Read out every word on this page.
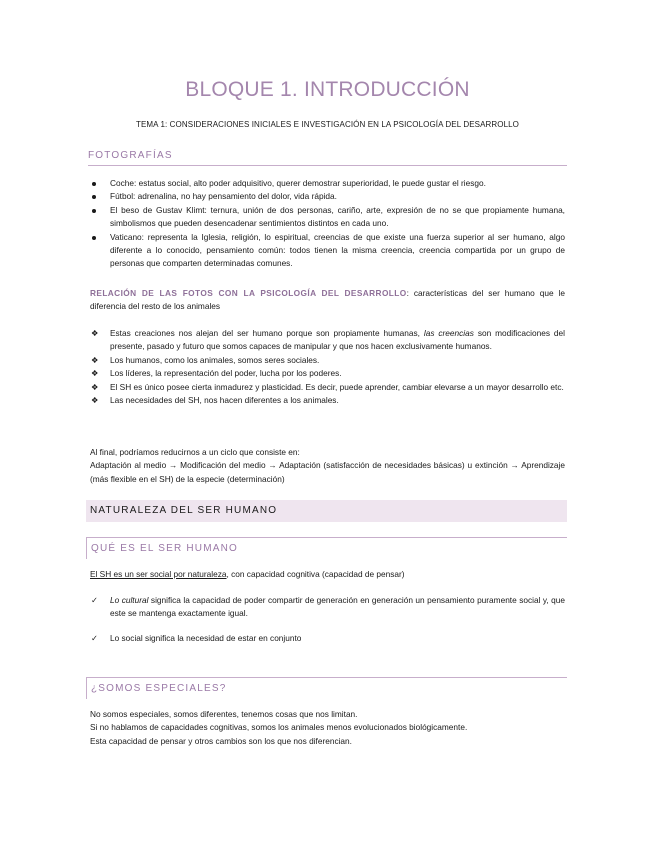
BLOQUE 1. INTRODUCCIÓN
TEMA 1: CONSIDERACIONES INICIALES E INVESTIGACIÓN EN LA PSICOLOGÍA DEL DESARROLLO
FOTOGRAFÍAS
Coche: estatus social, alto poder adquisitivo, querer demostrar superioridad, le puede gustar el riesgo.
Fútbol: adrenalina, no hay pensamiento del dolor, vida rápida.
El beso de Gustav Klimt: ternura, unión de dos personas, cariño, arte, expresión de no se que propiamente humana, simbolismos que pueden desencadenar sentimientos distintos en cada uno.
Vaticano: representa la Iglesia, religión, lo espiritual, creencias de que existe una fuerza superior al ser humano, algo diferente a lo conocido, pensamiento común: todos tienen la misma creencia, creencia compartida por un grupo de personas que comparten determinadas comunes.

RELACIÓN DE LAS FOTOS CON LA PSICOLOGÍA DEL DESARROLLO: características del ser humano que le diferencia del resto de los animales

❖ Estas creaciones nos alejan del ser humano porque son propiamente humanas, las creencias son modificaciones del presente, pasado y futuro que somos capaces de manipular y que nos hacen exclusivamente humanos.
❖ Los humanos, como los animales, somos seres sociales.
❖ Los líderes, la representación del poder, lucha por los poderes.
❖ El SH es único posee cierta inmadurez y plasticidad. Es decir, puede aprender, cambiar elevarse a un mayor desarrollo etc.
❖ Las necesidades del SH, nos hacen diferentes a los animales.

Al final, podríamos reducirnos a un ciclo que consiste en:

Adaptación al medio → Modificación del medio → Adaptación (satisfacción de necesidades básicas) u extinción → Aprendizaje (más flexible en el SH) de la especie (determinación)

NATURALEZA DEL SER HUMANO
QUÉ ES EL SER HUMANO

El SH es un ser social por naturaleza, con capacidad cognitiva (capacidad de pensar)

✓ Lo cultural significa la capacidad de poder compartir de generación en generación un pensamiento puramente social y, que este se mantenga exactamente igual.
✓ Lo social significa la necesidad de estar en conjunto
¿SOMOS ESPECIALES?

No somos especiales, somos diferentes, tenemos cosas que nos limitan.

Si no hablamos de capacidades cognitivas, somos los animales menos evolucionados biológicamente.

Esta capacidad de pensar y otros cambios son los que nos diferencian.
